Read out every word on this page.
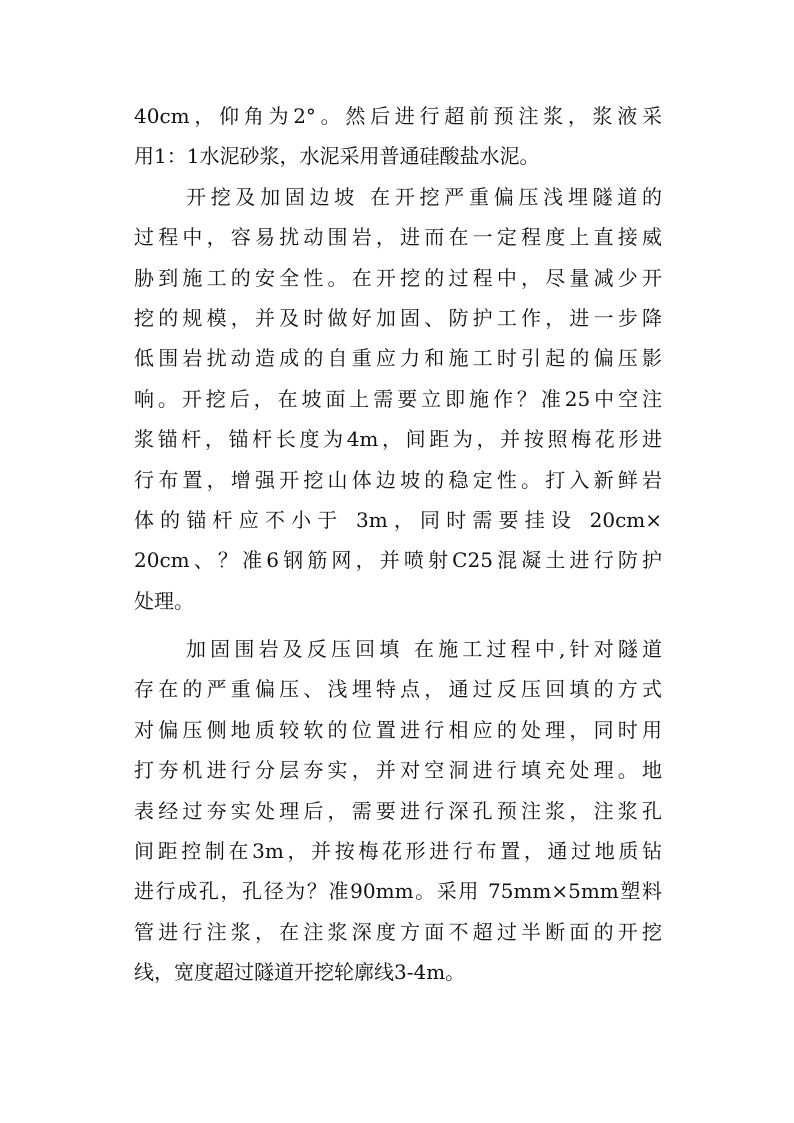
40cm，仰角为2°。然后进行超前预注浆，浆液采
用1：1水泥砂浆，水泥采用普通硅酸盐水泥。
开挖及加固边坡 在开挖严重偏压浅埋隧道的
过程中，容易扰动围岩，进而在一定程度上直接威
胁到施工的安全性。在开挖的过程中，尽量减少开
挖的规模，并及时做好加固、防护工作，进一步降
低围岩扰动造成的自重应力和施工时引起的偏压影
响。开挖后，在坡面上需要立即施作？准25中空注
浆锚杆，锚杆长度为4m，间距为，并按照梅花形进
行布置，增强开挖山体边坡的稳定性。打入新鲜岩
体的锚杆应不小于 3m，同时需要挂设 20cm×
20cm、？准6钢筋网，并喷射C25混凝土进行防护
处理。
加固围岩及反压回填 在施工过程中,针对隧道
存在的严重偏压、浅埋特点，通过反压回填的方式
对偏压侧地质较软的位置进行相应的处理，同时用
打夯机进行分层夯实，并对空洞进行填充处理。地
表经过夯实处理后，需要进行深孔预注浆，注浆孔
间距控制在3m，并按梅花形进行布置，通过地质钻
进行成孔，孔径为？准90mm。采用 75mm×5mm塑料
管进行注浆，在注浆深度方面不超过半断面的开挖
线，宽度超过隧道开挖轮廓线3-4m。
